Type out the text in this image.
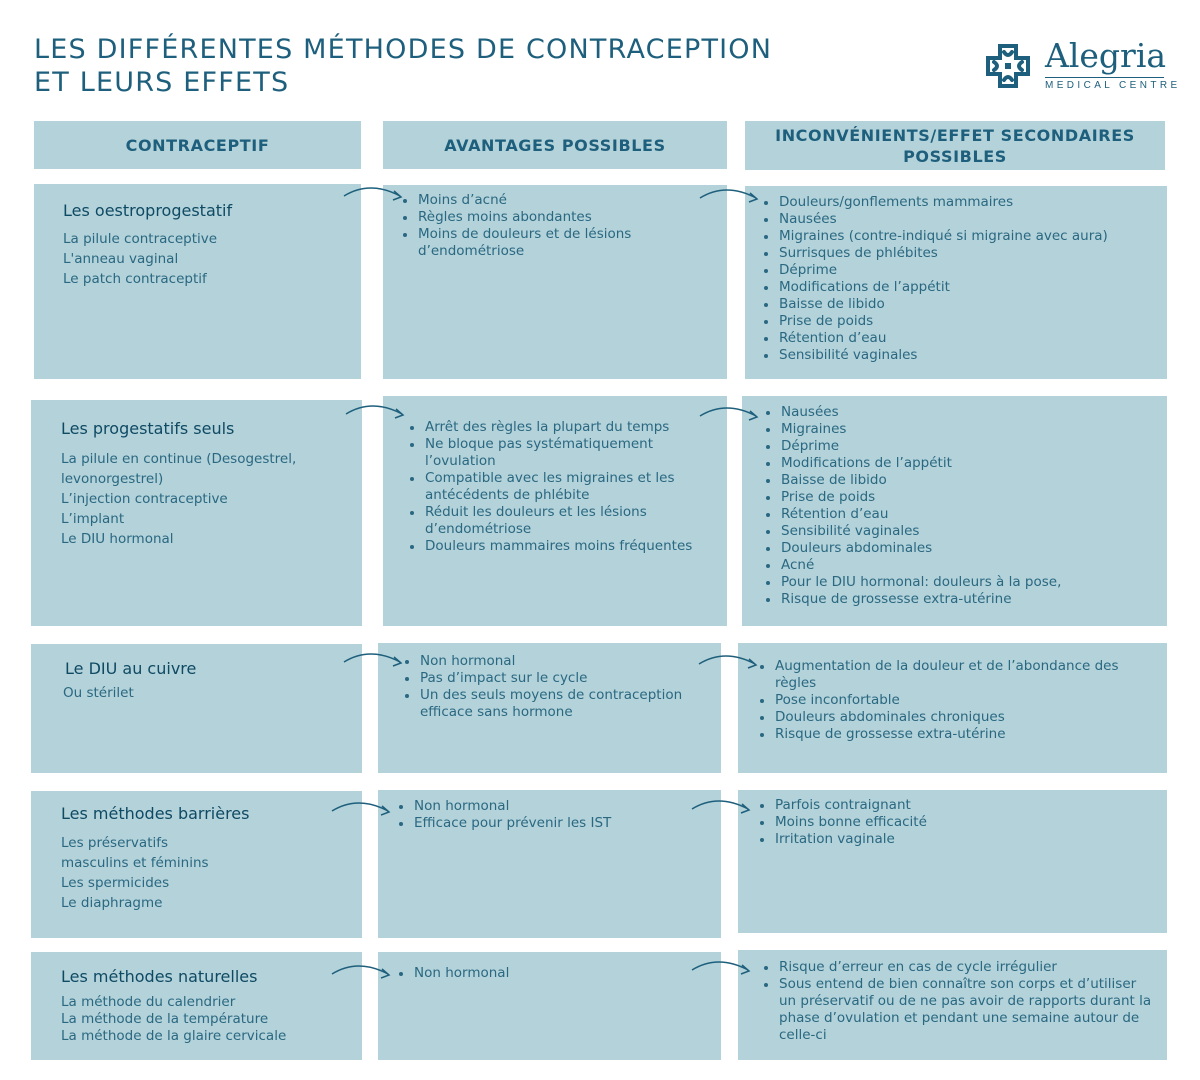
LES DIFFÉRENTES MÉTHODES DE CONTRACEPTION
ET LEURS EFFETS
Alegria
MEDICAL CENTRE
CONTRACEPTIF	AVANTAGES POSSIBLES
INCONVÉNIENTS/EFFET SECONDAIRES
POSSIBLES
Les oestroprogestatif
La pilule contraceptive
L'anneau vaginal
Le patch contraceptif
Moins d’acné
Règles moins abondantes
Moins de douleurs et de lésions d’endométriose
Douleurs/gonflements mammaires
Nausées
Migraines (contre-indiqué si migraine avec aura)
Surrisques de phlébites
Déprime
Modifications de l’appétit
Baisse de libido
Prise de poids
Rétention d’eau
Sensibilité vaginales
Les progestatifs seuls
La pilule en continue (Desogestrel,
levonorgestrel)
L’injection contraceptive
L’implant
Le DIU hormonal
Arrêt des règles la plupart du temps
Ne bloque pas systématiquement l’ovulation
Compatible avec les migraines et les antécédents de phlébite
Réduit les douleurs et les lésions d’endométriose
Douleurs mammaires moins fréquentes
Nausées
Migraines
Déprime
Modifications de l’appétit
Baisse de libido
Prise de poids
Rétention d’eau
Sensibilité vaginales
Douleurs abdominales
Acné
Pour le DIU hormonal: douleurs à la pose,
Risque de grossesse extra-utérine
Le DIU au cuivre
Ou stérilet
Non hormonal
Pas d’impact sur le cycle
Un des seuls moyens de contraception efficace sans hormone
Augmentation de la douleur et de l’abondance des règles
Pose inconfortable
Douleurs abdominales chroniques
Risque de grossesse extra-utérine
Les méthodes barrières
Les préservatifs
masculins et féminins
Les spermicides
Le diaphragme
Non hormonal
Efficace pour prévenir les IST
Parfois contraignant
Moins bonne efficacité
Irritation vaginale
Les méthodes naturelles
La méthode du calendrier
La méthode de la température
La méthode de la glaire cervicale
Non hormonal	Risque d’erreur en cas de cycle irrégulier
Sous entend de bien connaître son corps et d’utiliser un préservatif ou de ne pas avoir de rapports durant la phase d’ovulation et pendant une semaine autour de celle-ci
